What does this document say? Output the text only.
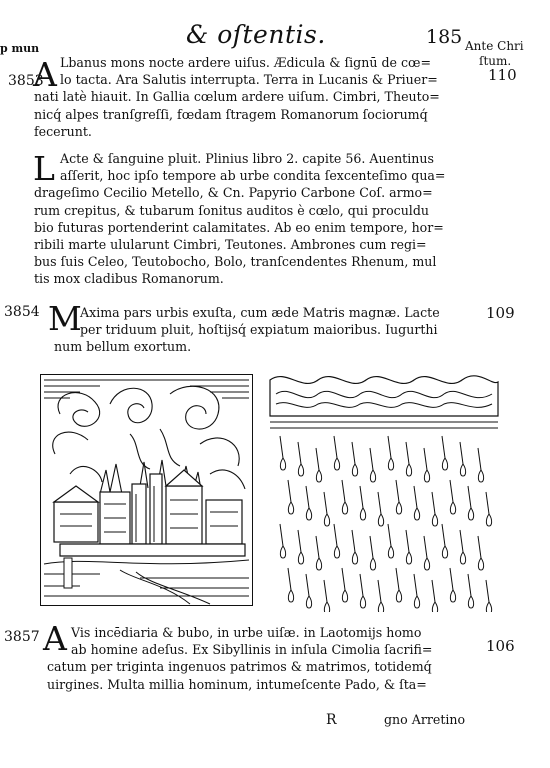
p mun	& oſtentis.	185 Ante Chri
ſtum.
110
3853
A Lbanus mons nocte ardere uiſus. Ædicula & ſignū de cœ=
lo tacta. Ara Salutis interrupta. Terra in Lucanis & Priuer=
nati latè hiauit. In Gallia cœlum ardere uiſum. Cimbri, Theuto=
nicq́ alpes tranſgreſſi, fœdam ſtragem Romanorum ſociorumq́
fecerunt.
L Acte & ſanguine pluit. Plinius libro 2. capite 56. Auentinus
aſſerit, hoc ipſo tempore ab urbe condita ſexcenteſimo qua=
drageſimo Cecilio Metello, & Cn. Papyrio Carbone Coſ. armo=
rum crepitus, & tubarum ſonitus auditos è cœlo, qui proculdu
bio futuras portenderint calamitates. Ab eo enim tempore, hor=
ribili marte ulularunt Cimbri, Teutones. Ambrones cum regi=
bus ſuis Celeo, Teutobocho, Bolo, tranſcendentes Rhenum, mul
tis mox cladibus Romanorum.
3854	109
M
Axima pars urbis exuſta, cum æde Matris magnæ. Lacte
per triduum pluit, hoſtijsq́ expiatum maioribus. Iugurthi
num bellum exortum.
3857	106
A Vis incēdiaria & bubo, in urbe uiſæ. in Laotomijs homo
ab homine adeſus. Ex Sibyllinis in inſula Cimolia ſacrifi=
catum per triginta ingenuos patrimos & matrimos, totidemq́
uirgines. Multa millia hominum, intumeſcente Pado, & ſta=
R	gno Arretino
